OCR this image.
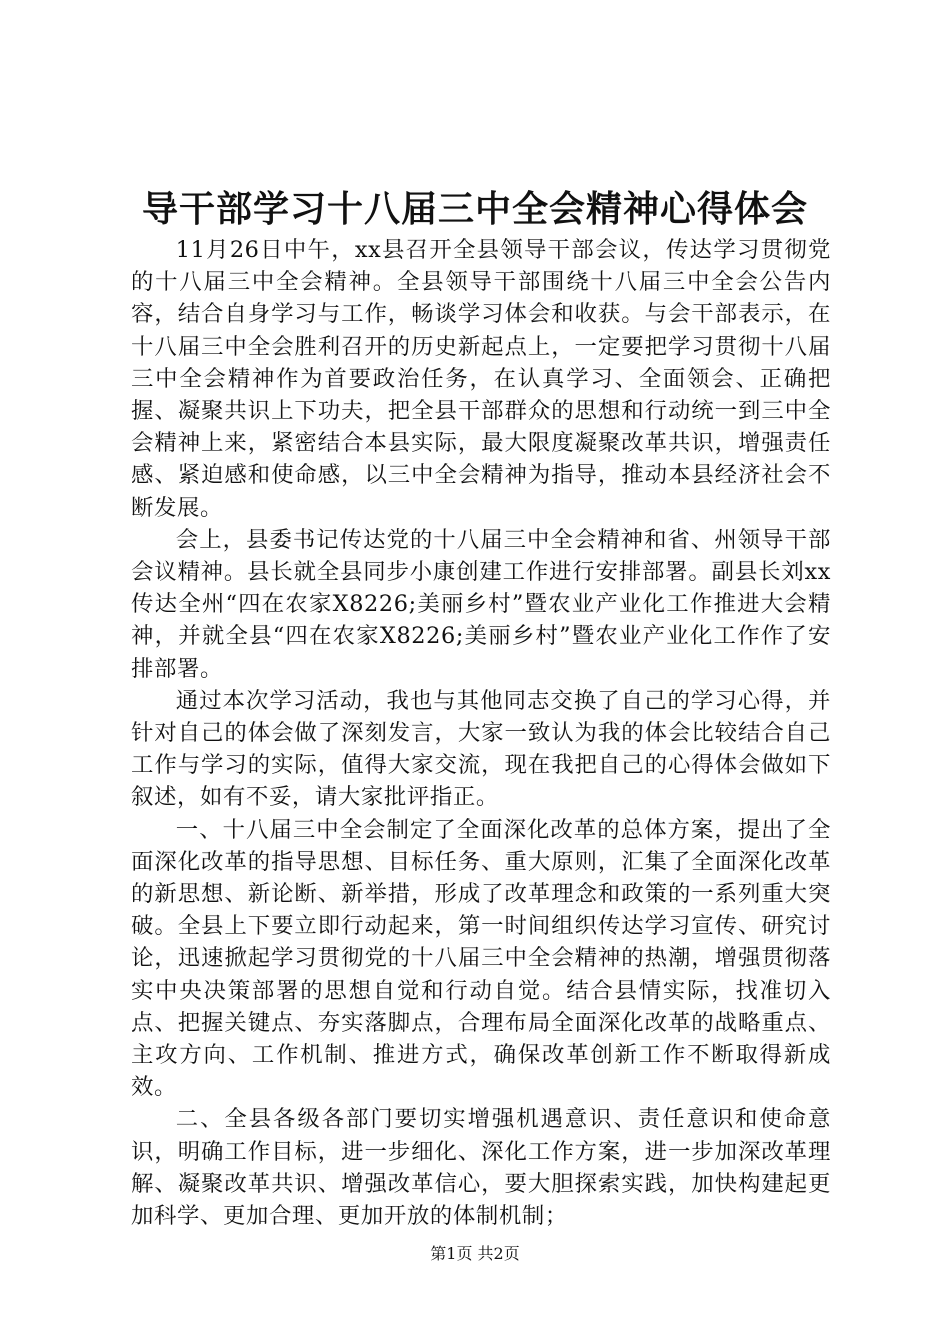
导干部学习十八届三中全会精神心得体会

11月26日中午，xx县召开全县领导干部会议，传达学习贯彻党的十八届三中全会精神。全县领导干部围绕十八届三中全会公告内容，结合自身学习与工作，畅谈学习体会和收获。与会干部表示，在十八届三中全会胜利召开的历史新起点上，一定要把学习贯彻十八届三中全会精神作为首要政治任务，在认真学习、全面领会、正确把握、凝聚共识上下功夫，把全县干部群众的思想和行动统一到三中全会精神上来，紧密结合本县实际，最大限度凝聚改革共识，增强责任感、紧迫感和使命感，以三中全会精神为指导，推动本县经济社会不断发展。

会上，县委书记传达党的十八届三中全会精神和省、州领导干部会议精神。县长就全县同步小康创建工作进行安排部署。副县长刘xx传达全州“四在农家X8226;美丽乡村”暨农业产业化工作推进大会精神，并就全县“四在农家X8226;美丽乡村”暨农业产业化工作作了安排部署。

通过本次学习活动，我也与其他同志交换了自己的学习心得，并针对自己的体会做了深刻发言，大家一致认为我的体会比较结合自己工作与学习的实际，值得大家交流，现在我把自己的心得体会做如下叙述，如有不妥，请大家批评指正。

一、十八届三中全会制定了全面深化改革的总体方案，提出了全面深化改革的指导思想、目标任务、重大原则，汇集了全面深化改革的新思想、新论断、新举措，形成了改革理念和政策的一系列重大突破。全县上下要立即行动起来，第一时间组织传达学习宣传、研究讨论，迅速掀起学习贯彻党的十八届三中全会精神的热潮，增强贯彻落实中央决策部署的思想自觉和行动自觉。结合县情实际，找准切入点、把握关键点、夯实落脚点，合理布局全面深化改革的战略重点、主攻方向、工作机制、推进方式，确保改革创新工作不断取得新成效。

二、全县各级各部门要切实增强机遇意识、责任意识和使命意识，明确工作目标，进一步细化、深化工作方案，进一步加深改革理解、凝聚改革共识、增强改革信心，要大胆探索实践，加快构建起更加科学、更加合理、更加开放的体制机制；

第1页 共2页
